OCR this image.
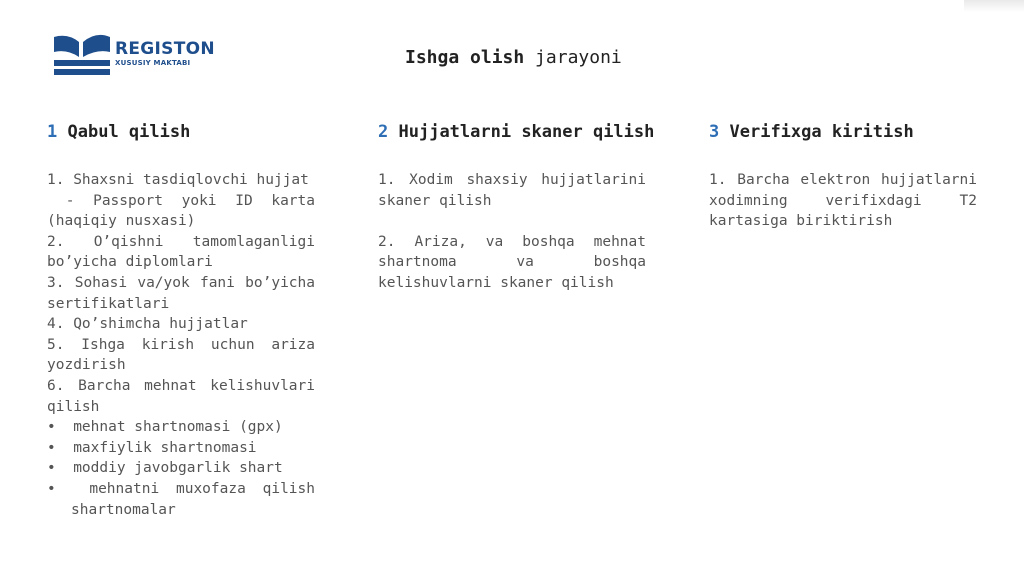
REGISTON
XUSUSIY MAKTABI	Ishga olish jarayoni
1 Qabul qilish
1. Shaxsni tasdiqlovchi hujjat
- Passport yoki ID karta (haqiqiy nusxasi)
2. O’qishni tamomlaganligi bo’yicha diplomlari
3. Sohasi va/yok fani bo’yicha sertifikatlari
4. Qo’shimcha hujjatlar
5. Ishga kirish uchun ariza yozdirish
6. Barcha mehnat kelishuvlari qilish
•  mehnat shartnomasi (gpx)
•  maxfiylik shartnomasi
•  moddiy javobgarlik shart
•  mehnatni muxofaza qilish shartnomalar
2 Hujjatlarni skaner qilish
1. Xodim shaxsiy hujjatlarini skaner qilish
2. Ariza, va boshqa mehnat shartnoma va boshqa kelishuvlarni skaner qilish
3 Verifixga kiritish
1. Barcha elektron hujjatlarni xodimning verifixdagi T2 kartasiga biriktirish
